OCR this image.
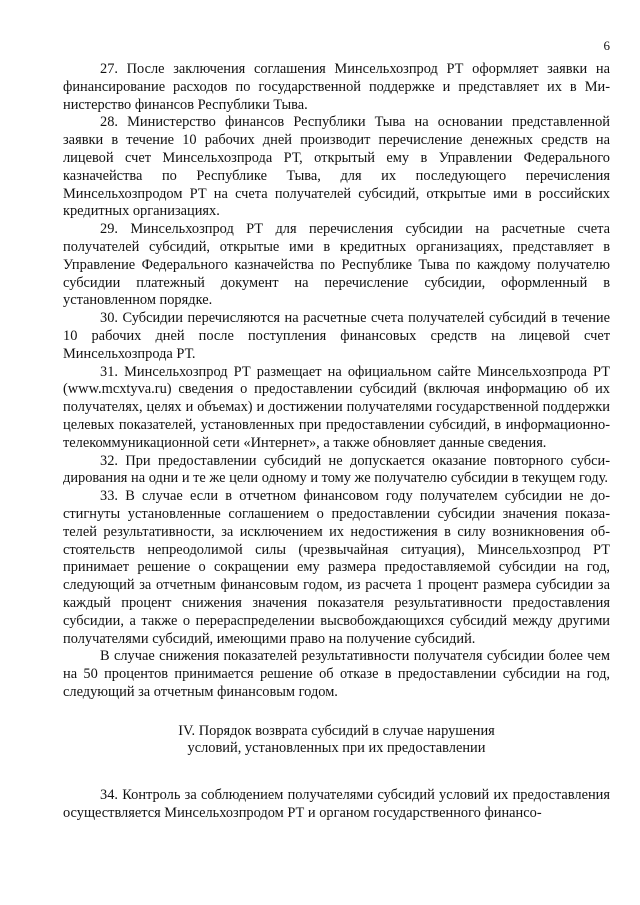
6

27. После заключения соглашения Минсельхозпрод РТ оформляет заявки на финансирование расходов по государственной поддержке и представляет их в Министерство финансов Республики Тыва.

28. Министерство финансов Республики Тыва на основании представленной заявки в течение 10 рабочих дней производит перечисление денежных средств на лицевой счет Минсельхозпрода РТ, открытый ему в Управлении Федерального казначейства по Республике Тыва, для их последующего перечисления Минсельхозпродом РТ на счета получателей субсидий, открытые ими в российских кредитных организациях.

29. Минсельхозпрод РТ для перечисления субсидии на расчетные счета получателей субсидий, открытые ими в кредитных организациях, представляет в Управление Федерального казначейства по Республике Тыва по каждому получателю субсидии платежный документ на перечисление субсидии, оформленный в установленном порядке.

30. Субсидии перечисляются на расчетные счета получателей субсидий в течение 10 рабочих дней после поступления финансовых средств на лицевой счет Минсельхозпрода РТ.

31. Минсельхозпрод РТ размещает на официальном сайте Минсельхозпрода РТ (www.mcxtyva.ru) сведения о предоставлении субсидий (включая информацию об их получателях, целях и объемах) и достижении получателями государственной поддержки целевых показателей, установленных при предоставлении субсидий, в информационно-телекоммуникационной сети «Интернет», а также обновляет данные сведения.

32. При предоставлении субсидий не допускается оказание повторного субсидирования на одни и те же цели одному и тому же получателю субсидии в текущем году.

33. В случае если в отчетном финансовом году получателем субсидии не достигнуты установленные соглашением о предоставлении субсидии значения показателей результативности, за исключением их недостижения в силу возникновения обстоятельств непреодолимой силы (чрезвычайная ситуация), Минсельхозпрод РТ принимает решение о сокращении ему размера предоставляемой субсидии на год, следующий за отчетным финансовым годом, из расчета 1 процент размера субсидии за каждый процент снижения значения показателя результативности предоставления субсидии, а также о перераспределении высвобождающихся субсидий между другими получателями субсидий, имеющими право на получение субсидий.

В случае снижения показателей результативности получателя субсидии более чем на 50 процентов принимается решение об отказе в предоставлении субсидии на год, следующий за отчетным финансовым годом.

IV. Порядок возврата субсидий в случае нарушения
условий, установленных при их предоставлении

34. Контроль за соблюдением получателями субсидий условий их предоставления осуществляется Минсельхозпродом РТ и органом государственного финансо-
